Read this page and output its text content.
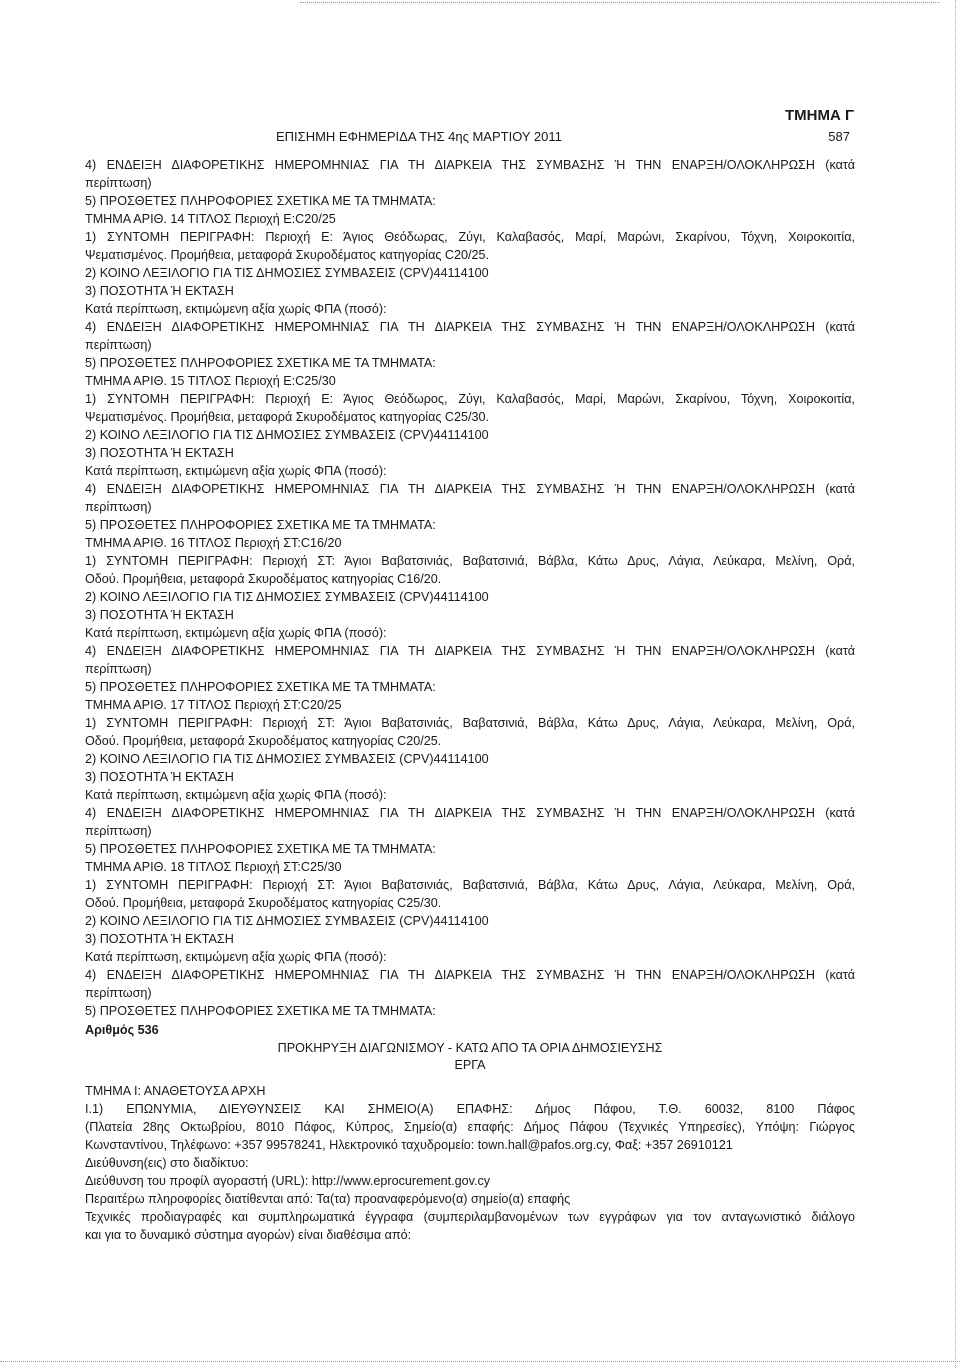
ΤΜΗΜΑ Γ
ΕΠΙΣΗΜΗ ΕΦΗΜΕΡΙΔΑ ΤΗΣ 4ης ΜΑΡΤΙΟΥ 2011	587
4) ΕΝΔΕΙΞΗ ΔΙΑΦΟΡΕΤΙΚΗΣ ΗΜΕΡΟΜΗΝΙΑΣ ΓΙΑ ΤΗ ΔΙΑΡΚΕΙΑ ΤΗΣ ΣΥΜΒΑΣΗΣ Ή ΤΗΝ ΕΝΑΡΞΗ/ΟΛΟΚΛΗΡΩΣΗ (κατά
περίπτωση)
5) ΠΡΟΣΘΕΤΕΣ ΠΛΗΡΟΦΟΡΙΕΣ ΣΧΕΤΙΚΑ ΜΕ ΤΑ ΤΜΗΜΑΤΑ:
ΤΜΗΜΑ ΑΡΙΘ. 14 ΤΙΤΛΟΣ Περιοχή Ε:C20/25
1) ΣΥΝΤΟΜΗ ΠΕΡΙΓΡΑΦΗ: Περιοχή Ε: Άγιος Θεόδωρας, Ζύγι, Καλαβασός, Μαρί, Μαρώνι, Σκαρίνου, Τόχνη, Χοιροκοιτία,
Ψεματισμένος. Προμήθεια, μεταφορά Σκυροδέματος κατηγορίας C20/25.
2) ΚΟΙΝΟ ΛΕΞΙΛΟΓΙΟ ΓΙΑ ΤΙΣ ΔΗΜΟΣΙΕΣ ΣΥΜΒΑΣΕΙΣ (CPV)44114100
3) ΠΟΣΟΤΗΤΑ Ή ΕΚΤΑΣΗ
Κατά περίπτωση, εκτιμώμενη αξία χωρίς ΦΠΑ (ποσό):
4) ΕΝΔΕΙΞΗ ΔΙΑΦΟΡΕΤΙΚΗΣ ΗΜΕΡΟΜΗΝΙΑΣ ΓΙΑ ΤΗ ΔΙΑΡΚΕΙΑ ΤΗΣ ΣΥΜΒΑΣΗΣ Ή ΤΗΝ ΕΝΑΡΞΗ/ΟΛΟΚΛΗΡΩΣΗ (κατά
περίπτωση)
5) ΠΡΟΣΘΕΤΕΣ ΠΛΗΡΟΦΟΡΙΕΣ ΣΧΕΤΙΚΑ ΜΕ ΤΑ ΤΜΗΜΑΤΑ:
ΤΜΗΜΑ ΑΡΙΘ. 15 ΤΙΤΛΟΣ Περιοχή Ε:C25/30
1) ΣΥΝΤΟΜΗ ΠΕΡΙΓΡΑΦΗ: Περιοχή Ε: Άγιος Θεόδωρος, Ζύγι, Καλαβασός, Μαρί, Μαρώνι, Σκαρίνου, Τόχνη, Χοιροκοιτία,
Ψεματισμένος. Προμήθεια, μεταφορά Σκυροδέματος κατηγορίας C25/30.
2) ΚΟΙΝΟ ΛΕΞΙΛΟΓΙΟ ΓΙΑ ΤΙΣ ΔΗΜΟΣΙΕΣ ΣΥΜΒΑΣΕΙΣ (CPV)44114100
3) ΠΟΣΟΤΗΤΑ Ή ΕΚΤΑΣΗ
Κατά περίπτωση, εκτιμώμενη αξία χωρίς ΦΠΑ (ποσό):
4) ΕΝΔΕΙΞΗ ΔΙΑΦΟΡΕΤΙΚΗΣ ΗΜΕΡΟΜΗΝΙΑΣ ΓΙΑ ΤΗ ΔΙΑΡΚΕΙΑ ΤΗΣ ΣΥΜΒΑΣΗΣ Ή ΤΗΝ ΕΝΑΡΞΗ/ΟΛΟΚΛΗΡΩΣΗ (κατά
περίπτωση)
5) ΠΡΟΣΘΕΤΕΣ ΠΛΗΡΟΦΟΡΙΕΣ ΣΧΕΤΙΚΑ ΜΕ ΤΑ ΤΜΗΜΑΤΑ:
ΤΜΗΜΑ ΑΡΙΘ. 16 ΤΙΤΛΟΣ Περιοχή ΣΤ:C16/20
1) ΣΥΝΤΟΜΗ ΠΕΡΙΓΡΑΦΗ: Περιοχή ΣΤ: Άγιοι Βαβατσινιάς, Βαβατσινιά, Βάβλα, Κάτω Δρυς, Λάγια, Λεύκαρα, Μελίνη, Ορά,
Οδού. Προμήθεια, μεταφορά Σκυροδέματος κατηγορίας C16/20.
2) ΚΟΙΝΟ ΛΕΞΙΛΟΓΙΟ ΓΙΑ ΤΙΣ ΔΗΜΟΣΙΕΣ ΣΥΜΒΑΣΕΙΣ (CPV)44114100
3) ΠΟΣΟΤΗΤΑ Ή ΕΚΤΑΣΗ
Κατά περίπτωση, εκτιμώμενη αξία χωρίς ΦΠΑ (ποσό):
4) ΕΝΔΕΙΞΗ ΔΙΑΦΟΡΕΤΙΚΗΣ ΗΜΕΡΟΜΗΝΙΑΣ ΓΙΑ ΤΗ ΔΙΑΡΚΕΙΑ ΤΗΣ ΣΥΜΒΑΣΗΣ Ή ΤΗΝ ΕΝΑΡΞΗ/ΟΛΟΚΛΗΡΩΣΗ (κατά
περίπτωση)
5) ΠΡΟΣΘΕΤΕΣ ΠΛΗΡΟΦΟΡΙΕΣ ΣΧΕΤΙΚΑ ΜΕ ΤΑ ΤΜΗΜΑΤΑ:
ΤΜΗΜΑ ΑΡΙΘ. 17 ΤΙΤΛΟΣ Περιοχή ΣΤ:C20/25
1) ΣΥΝΤΟΜΗ ΠΕΡΙΓΡΑΦΗ: Περιοχή ΣΤ: Άγιοι Βαβατσινιάς, Βαβατσινιά, Βάβλα, Κάτω Δρυς, Λάγια, Λεύκαρα, Μελίνη, Ορά,
Οδού. Προμήθεια, μεταφορά Σκυροδέματος κατηγορίας C20/25.
2) ΚΟΙΝΟ ΛΕΞΙΛΟΓΙΟ ΓΙΑ ΤΙΣ ΔΗΜΟΣΙΕΣ ΣΥΜΒΑΣΕΙΣ (CPV)44114100
3) ΠΟΣΟΤΗΤΑ Ή ΕΚΤΑΣΗ
Κατά περίπτωση, εκτιμώμενη αξία χωρίς ΦΠΑ (ποσό):
4) ΕΝΔΕΙΞΗ ΔΙΑΦΟΡΕΤΙΚΗΣ ΗΜΕΡΟΜΗΝΙΑΣ ΓΙΑ ΤΗ ΔΙΑΡΚΕΙΑ ΤΗΣ ΣΥΜΒΑΣΗΣ Ή ΤΗΝ ΕΝΑΡΞΗ/ΟΛΟΚΛΗΡΩΣΗ (κατά
περίπτωση)
5) ΠΡΟΣΘΕΤΕΣ ΠΛΗΡΟΦΟΡΙΕΣ ΣΧΕΤΙΚΑ ΜΕ ΤΑ ΤΜΗΜΑΤΑ:
ΤΜΗΜΑ ΑΡΙΘ. 18 ΤΙΤΛΟΣ Περιοχή ΣΤ:C25/30
1) ΣΥΝΤΟΜΗ ΠΕΡΙΓΡΑΦΗ: Περιοχή ΣΤ: Άγιοι Βαβατσινιάς, Βαβατσινιά, Βάβλα, Κάτω Δρυς, Λάγια, Λεύκαρα, Μελίνη, Ορά,
Οδού. Προμήθεια, μεταφορά Σκυροδέματος κατηγορίας C25/30.
2) ΚΟΙΝΟ ΛΕΞΙΛΟΓΙΟ ΓΙΑ ΤΙΣ ΔΗΜΟΣΙΕΣ ΣΥΜΒΑΣΕΙΣ (CPV)44114100
3) ΠΟΣΟΤΗΤΑ Ή ΕΚΤΑΣΗ
Κατά περίπτωση, εκτιμώμενη αξία χωρίς ΦΠΑ (ποσό):
4) ΕΝΔΕΙΞΗ ΔΙΑΦΟΡΕΤΙΚΗΣ ΗΜΕΡΟΜΗΝΙΑΣ ΓΙΑ ΤΗ ΔΙΑΡΚΕΙΑ ΤΗΣ ΣΥΜΒΑΣΗΣ Ή ΤΗΝ ΕΝΑΡΞΗ/ΟΛΟΚΛΗΡΩΣΗ (κατά
περίπτωση)
5) ΠΡΟΣΘΕΤΕΣ ΠΛΗΡΟΦΟΡΙΕΣ ΣΧΕΤΙΚΑ ΜΕ ΤΑ ΤΜΗΜΑΤΑ:
Αριθμός 536
ΠΡΟΚΗΡΥΞΗ ΔΙΑΓΩΝΙΣΜΟΥ - ΚΑΤΩ ΑΠΟ ΤΑ ΟΡΙΑ ΔΗΜΟΣΙΕΥΣΗΣ
ΕΡΓΑ
ΤΜΗΜΑ Ι: ΑΝΑΘΕΤΟΥΣΑ ΑΡΧΗ
Ι.1) ΕΠΩΝΥΜΙΑ, ΔΙΕΥΘΥΝΣΕΙΣ ΚΑΙ ΣΗΜΕΙΟ(Α) ΕΠΑΦΗΣ: Δήμος Πάφου, Τ.Θ. 60032, 8100 Πάφος
(Πλατεία 28ης Οκτωβρίου, 8010 Πάφος, Κύπρος, Σημείο(α) επαφής: Δήμος Πάφου (Τεχνικές Υπηρεσίες), Υπόψη: Γιώργος
Κωνσταντίνου, Τηλέφωνο: +357 99578241, Ηλεκτρονικό ταχυδρομείο: town.hall@pafos.org.cy, Φαξ: +357 26910121
Διεύθυνση(εις) στο διαδίκτυο:
Διεύθυνση του προφίλ αγοραστή (URL): http://www.eprocurement.gov.cy
Περαιτέρω πληροφορίες διατίθενται από: Τα(τα) προαναφερόμενο(α) σημείο(α) επαφής
Τεχνικές προδιαγραφές και συμπληρωματικά έγγραφα (συμπεριλαμβανομένων των εγγράφων για τον ανταγωνιστικό διάλογο
και για το δυναμικό σύστημα αγορών) είναι διαθέσιμα από:
